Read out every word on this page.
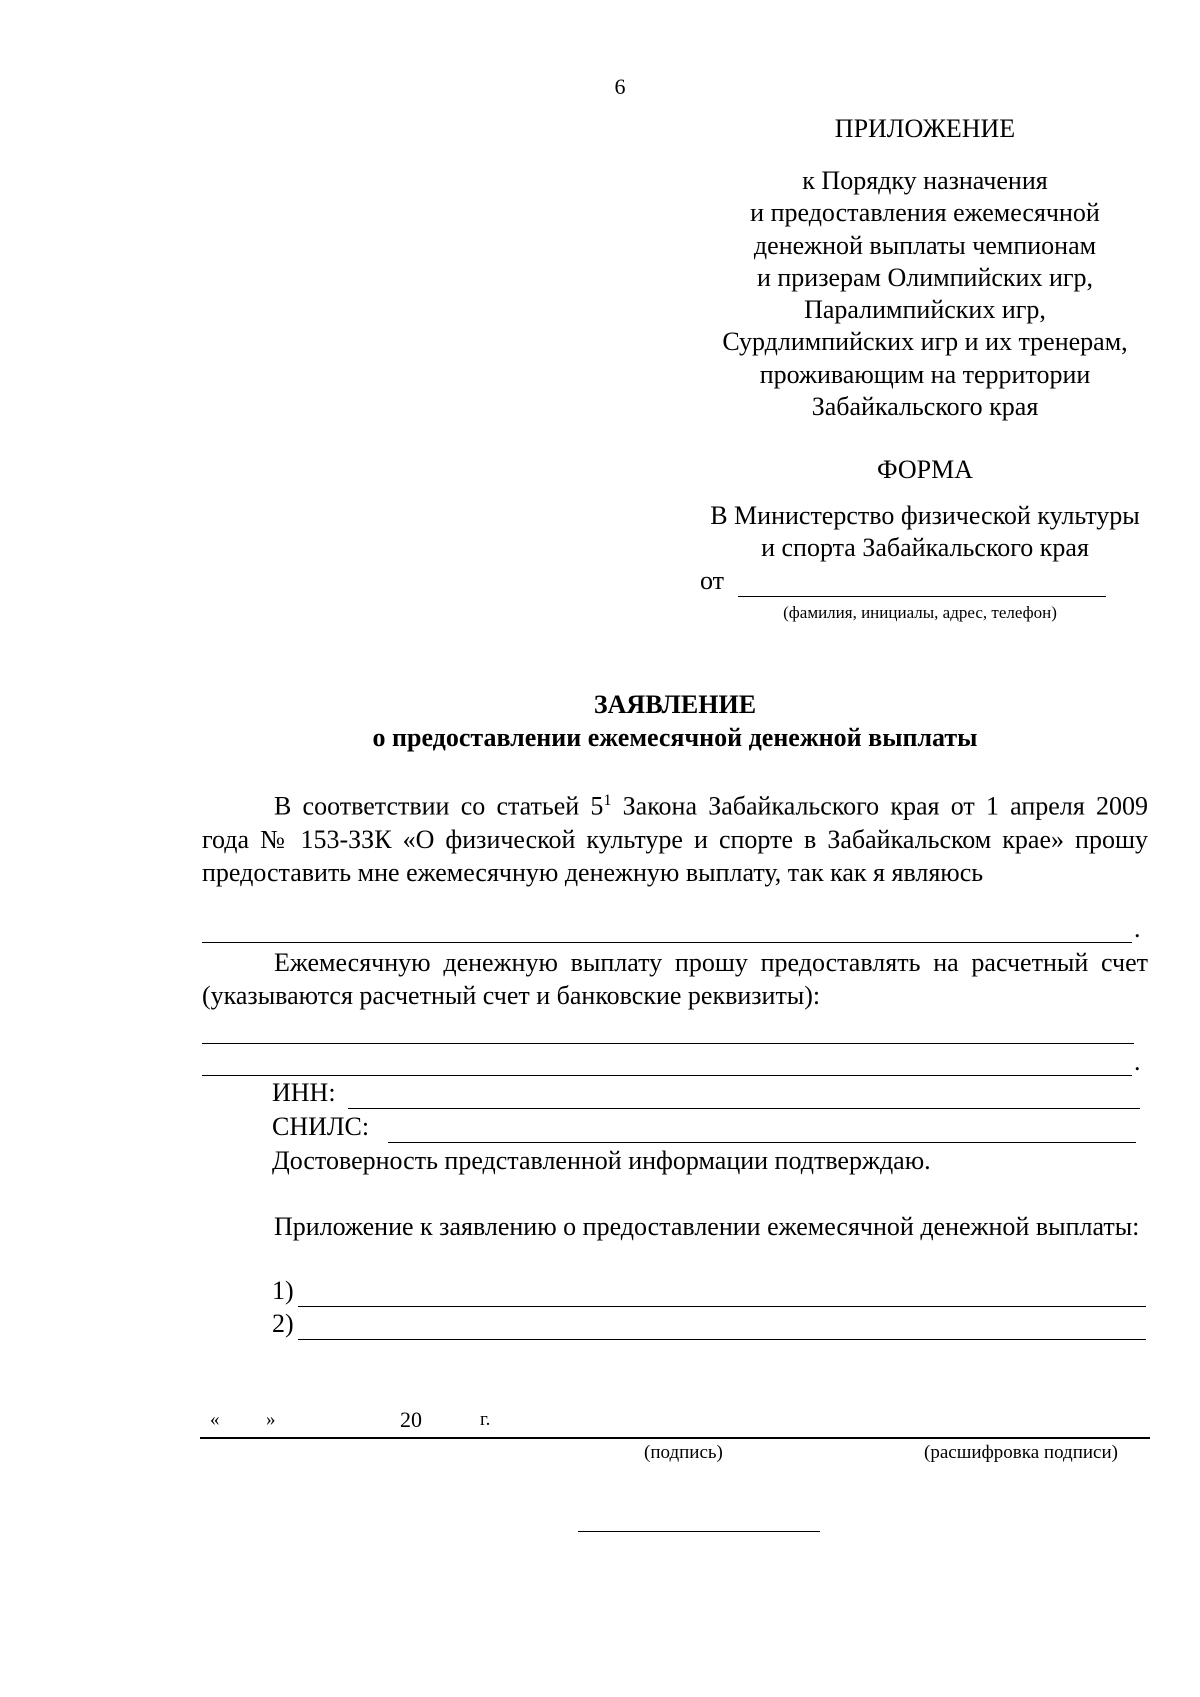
6
ПРИЛОЖЕНИЕ
к Порядку назначения
и предоставления ежемесячной
денежной выплаты чемпионам
и призерам Олимпийских игр,
Паралимпийских игр,
Сурдлимпийских игр и их тренерам,
проживающим на территории
Забайкальского края
ФОРМА
В Министерство физической культуры
и спорта Забайкальского края
от
(фамилия, инициалы, адрес, телефон)
ЗАЯВЛЕНИЕ
о предоставлении ежемесячной денежной выплаты
В соответствии со статьей $5^1$ Закона Забайкальского края от 1 апреля 2009 года № 153-ЗЗК «О физической культуре и спорте в Забайкальском крае» прошу предоставить мне ежемесячную денежную выплату, так как я являюсь
.
Ежемесячную денежную выплату прошу предоставлять на расчетный счет (указываются расчетный счет и банковские реквизиты):
.
ИНН:
СНИЛС:
Достоверность представленной информации подтверждаю.
Приложение к заявлению о предоставлении ежемесячной денежной выплаты:
1)
2)
« »	20	г.
(подпись)	(расшифровка подписи)
